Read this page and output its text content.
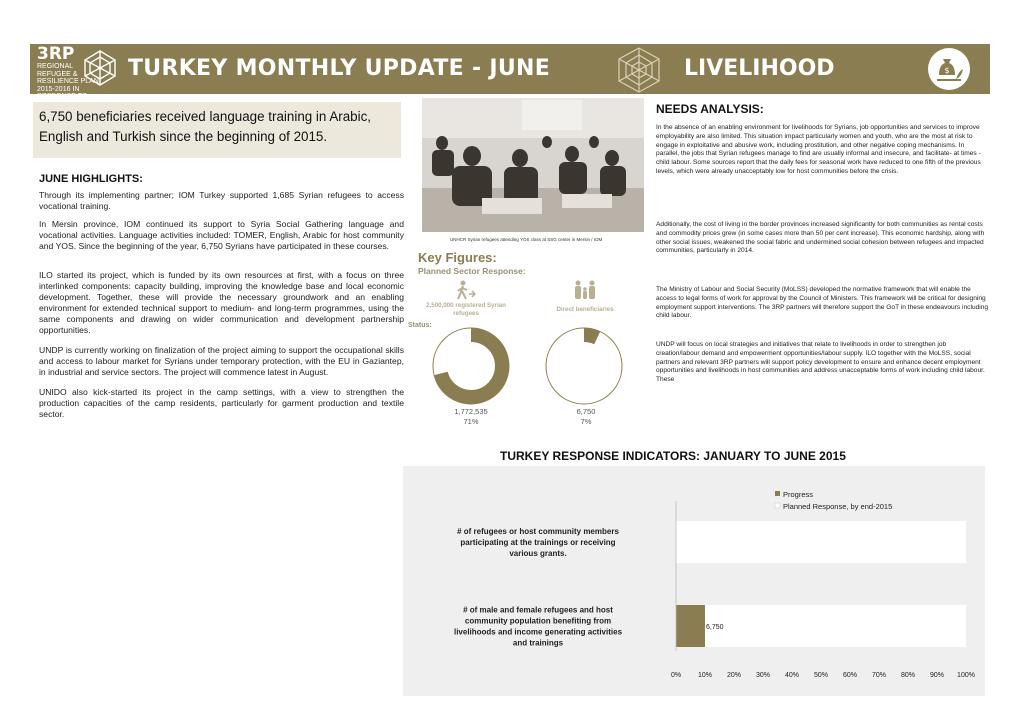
3RP
REGIONAL REFUGEE & RESILIENCE PLAN 2015-2016 IN RESPONSE TO
TURKEY MONTHLY UPDATE - JUNE	LIVELIHOOD	$
6,750 beneficiaries received language training in Arabic, English and Turkish since the beginning of 2015.
JUNE HIGHLIGHTS:
Through its implementing partner; IOM Turkey supported 1,685 Syrian refugees to access vocational training.
In Mersin province, IOM continued its support to Syria Social Gathering language and vocational activities. Language activities included: TOMER, English, Arabic for host community and YOS. Since the beginning of the year, 6,750 Syrians have participated in these courses.
ILO started its project, which is funded by its own resources at first, with a focus on three interlinked components: capacity building, improving the knowledge base and local economic development. Together, these will provide the necessary groundwork and an enabling environment for extended technical support to medium- and long-term programmes, using the same components and drawing on wider communication and development partnership opportunities.
UNDP is currently working on finalization of the project aiming to support the occupational skills and access to labour market for Syrians under temporary protection, with the EU in Gaziantep, in industrial and service sectors. The project will commence latest in August.
UNIDO also kick-started its project in the camp settings, with a view to strengthen the production capacities of the camp residents, particularly for garment production and textile sector.
UNHCR Syrian refugees attending YOS class at SSG center in Mersin / IOM
Key Figures:
Planned Sector Response:
2,500,000 registered Syrian refugees
Direct beneficiaries
Status:
1,772,535
71%
6,750
7%
NEEDS ANALYSIS:
In the absence of an enabling environment for livelihoods for Syrians, job opportunities and services to improve employability are also limited. This situation impact particularly women and youth, who are the most at risk to engage in exploitative and abusive work, including prostitution, and other negative coping mechanisms. In parallel, the jobs that Syrian refugees manage to find are usually informal and insecure, and facilitate- at times - child labour. Some sources report that the daily fees for seasonal work have reduced to one fifth of the previous levels, which were already unacceptably low for host communities before the crisis.
Additionally, the cost of living in the border provinces increased significantly for both communities as rental costs and commodity prices grew (in some cases more than 50 per cent increase). This economic hardship, along with other social issues, weakened the social fabric and undermined social cohesion between refugees and impacted communities, particularly in 2014.
The Ministry of Labour and Social Security (MoLSS) developed the normative framework that will enable the access to legal forms of work for approval by the Council of Ministers. This framework will be critical for designing employment support interventions. The 3RP partners will therefore support the GoT in these endeavours including child labour.
UNDP will focus on local strategies and initiatives that relate to livelihoods in order to strengthen job creation/labour demand and empowerment opportunities/labour supply. ILO together with the MoLSS, social partners and relevant 3RP partners will support policy development to ensure and enhance decent employment opportunities and livelihoods in host communities and address unacceptable forms of work including child labour. These
TURKEY RESPONSE INDICATORS: JANUARY TO JUNE 2015
Progress
Planned Response, by end-2015
# of refugees or host community members participating at the trainings or receiving various grants.
6,750
# of male and female refugees and host community population benefiting from livelihoods and income generating activities and trainings
0% 10% 20% 30% 40% 50% 60% 70% 80% 90% 100%
